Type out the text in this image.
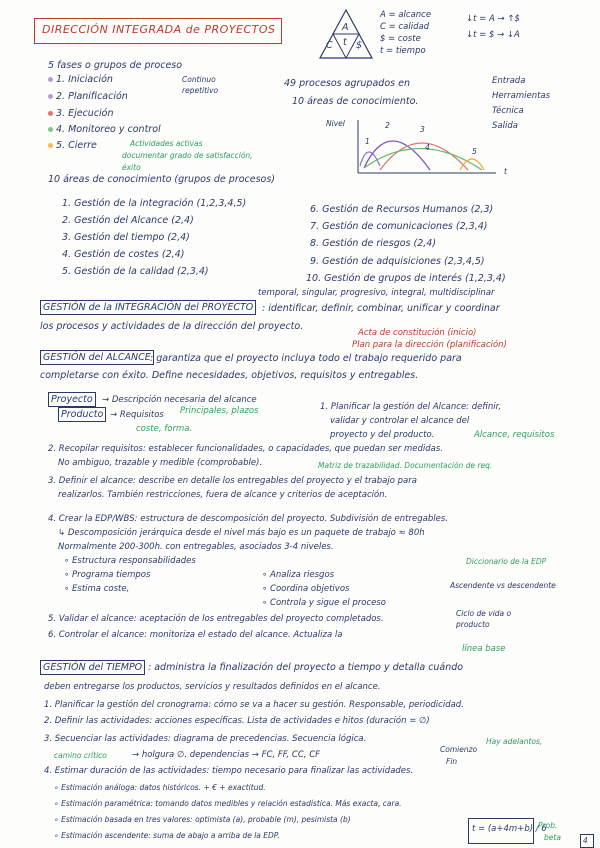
DIRECCIÓN INTEGRADA de PROYECTOS	A
C t $
A = alcance
C = calidad
$ = coste
t = tiempo
↓t = A → ↑$
↓t = $ → ↓A
5 fases o grupos de proceso
1. Iniciación
2. Planificación
3. Ejecución
4. Monitoreo y control
5. Cierre
Continuo repetitivo
Actividades activas
documentar grado de satisfacción,
éxito
49 procesos agrupados en
10 áreas de conocimiento.
Entrada
Herramientas
Técnica
Salida
Nivel
t
1
2	3
4	5
10 áreas de conocimiento (grupos de procesos)
1. Gestión de la integración (1,2,3,4,5)
2. Gestión del Alcance (2,4)
3. Gestión del tiempo (2,4)
4. Gestión de costes (2,4)
5. Gestión de la calidad (2,3,4)
6. Gestión de Recursos Humanos (2,3)
7. Gestión de comunicaciones (2,3,4)
8. Gestión de riesgos (2,4)
9. Gestión de adquisiciones (2,3,4,5)
10. Gestión de grupos de interés (1,2,3,4)
temporal, singular, progresivo, integral, multidisciplinar
GESTIÓN de la INTEGRACIÓN del PROYECTO : identificar, definir, combinar, unificar y coordinar
los procesos y actividades de la dirección del proyecto.
Acta de constitución (inicio)
Plan para la dirección (planificación)
GESTIÓN del ALCANCE : garantiza que el proyecto incluya todo el trabajo requerido para
completarse con éxito. Define necesidades, objetivos, requisitos y entregables.
Proyecto
Producto
→ Descripción necesaria del alcance
→ Requisitos Principales, plazos
coste, forma.
1. Planificar la gestión del Alcance: definir,
validar y controlar el alcance del
proyecto y del producto.	Alcance, requisitos
2. Recopilar requisitos: establecer funcionalidades, o capacidades, que puedan ser medidas.
No ambiguo, trazable y medible (comprobable).	Matriz de trazabilidad. Documentación de req.
3. Definir el alcance: describe en detalle los entregables del proyecto y el trabajo para
realizarlos. También restricciones, fuera de alcance y criterios de aceptación.
4. Crear la EDP/WBS: estructura de descomposición del proyecto. Subdivisión de entregables.
↳ Descomposición jerárquica desde el nivel más bajo es un paquete de trabajo ≈ 80h
Normalmente 200-300h. con entregables, asociados 3-4 niveles.
Diccionario de la EDP
∘ Estructura responsabilidades
∘ Programa tiempos
∘ Estima coste,
∘ Analiza riesgos
∘ Coordina objetivos
∘ Controla y sigue el proceso
Ascendente vs descendente
Ciclo de vida o producto
5. Validar el alcance: aceptación de los entregables del proyecto completados.
6. Controlar el alcance: monitoriza el estado del alcance. Actualiza la
línea base
GESTIÓN del TIEMPO : administra la finalización del proyecto a tiempo y detalla cuándo
deben entregarse los productos, servicios y resultados definidos en el alcance.
1. Planificar la gestión del cronograma: cómo se va a hacer su gestión. Responsable, periodicidad.
2. Definir las actividades: acciones específicas. Lista de actividades e hitos (duración = ∅)
3. Secuenciar las actividades: diagrama de precedencias. Secuencia lógica.	Hay adelantos,
camino crítico	→ holgura ∅. dependencias → FC, FF, CC, CF
Comienzo
Fin
4. Estimar duración de las actividades: tiempo necesario para finalizar las actividades.
∘ Estimación análoga: datos históricos. + € + exactitud.
∘ Estimación paramétrica: tomando datos medibles y relación estadística. Más exacta, cara.
∘ Estimación basada en tres valores: optimista (a), probable (m), pesimista (b)
∘ Estimación ascendente: suma de abajo a arriba de la EDP.
t = (a+4m+b) / 6
Prob.
beta	4
